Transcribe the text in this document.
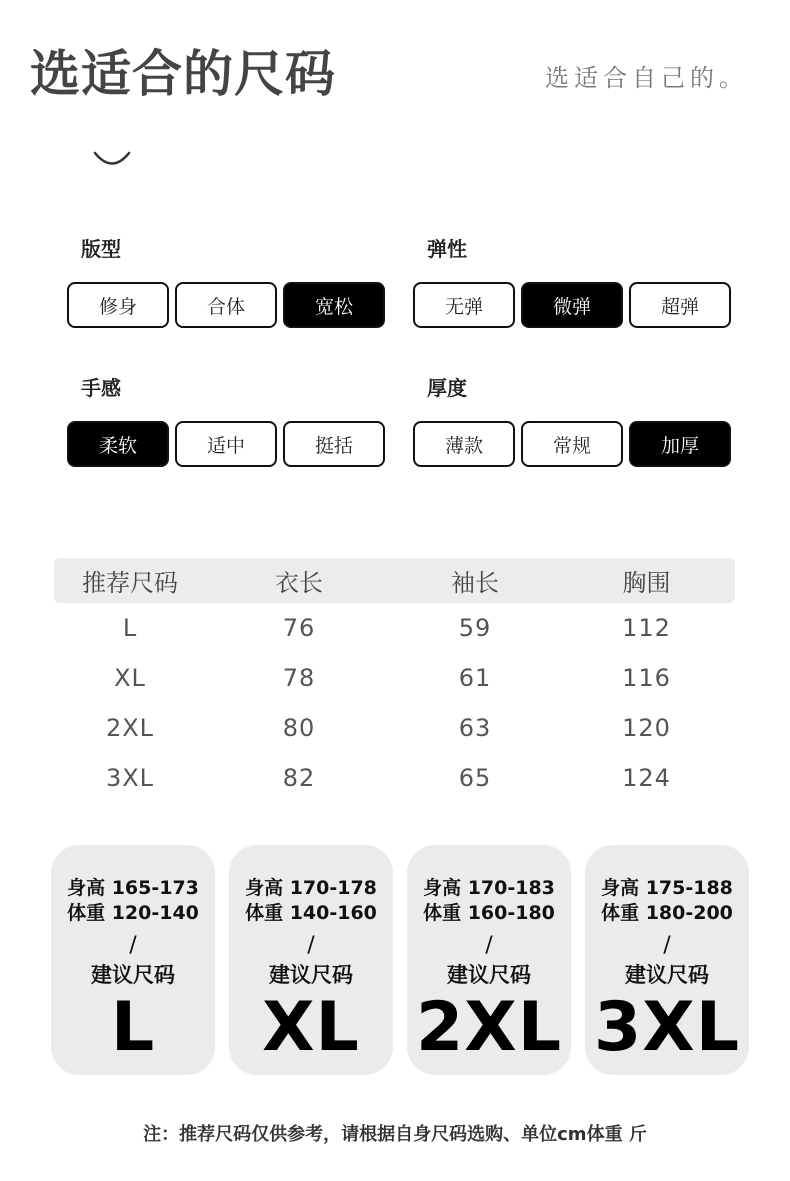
选适合的尺码	选适合自己的。
版型
修身	合体	宽松
弹性
无弹	微弹	超弹
手感
柔软	适中	挺括
厚度
薄款	常规	加厚
推荐尺码	衣长	袖长	胸围
L	76	59	112
XL	78	61	116
2XL	80	63	120
3XL	82	65	124
身高 165-173
体重 120-140
/
建议尺码
L
身高 170-178
体重 140-160
/
建议尺码
XL
身高 170-183
体重 160-180
/
建议尺码
2XL
身高 175-188
体重 180-200
/
建议尺码
3XL
注：推荐尺码仅供参考，请根据自身尺码选购、单位cm体重 斤
